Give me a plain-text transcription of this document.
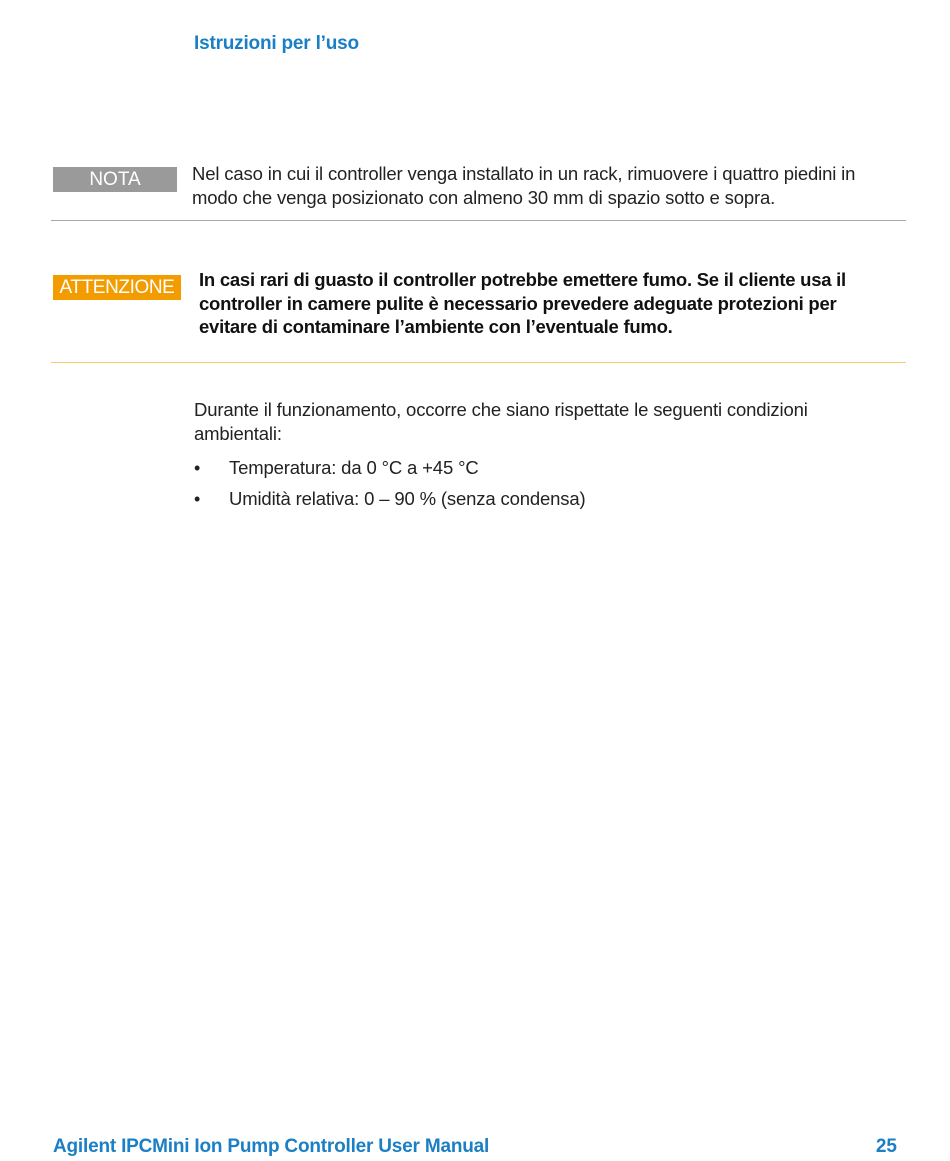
Istruzioni per l’uso
NOTA	Nel caso in cui il controller venga installato in un rack, rimuovere i quattro piedini in modo che venga posizionato con almeno 30 mm di spazio sotto e sopra.
ATTENZIONE	In casi rari di guasto il controller potrebbe emettere fumo. Se il cliente usa il controller in camere pulite è necessario prevedere adeguate protezioni per evitare di contaminare l’ambiente con l’eventuale fumo.
Durante il funzionamento, occorre che siano rispettate le seguenti condizioni ambientali:
•	Temperatura: da 0 °C a +45 °C
•	Umidità relativa: 0 – 90 % (senza condensa)
Agilent IPCMini Ion Pump Controller User Manual	25
